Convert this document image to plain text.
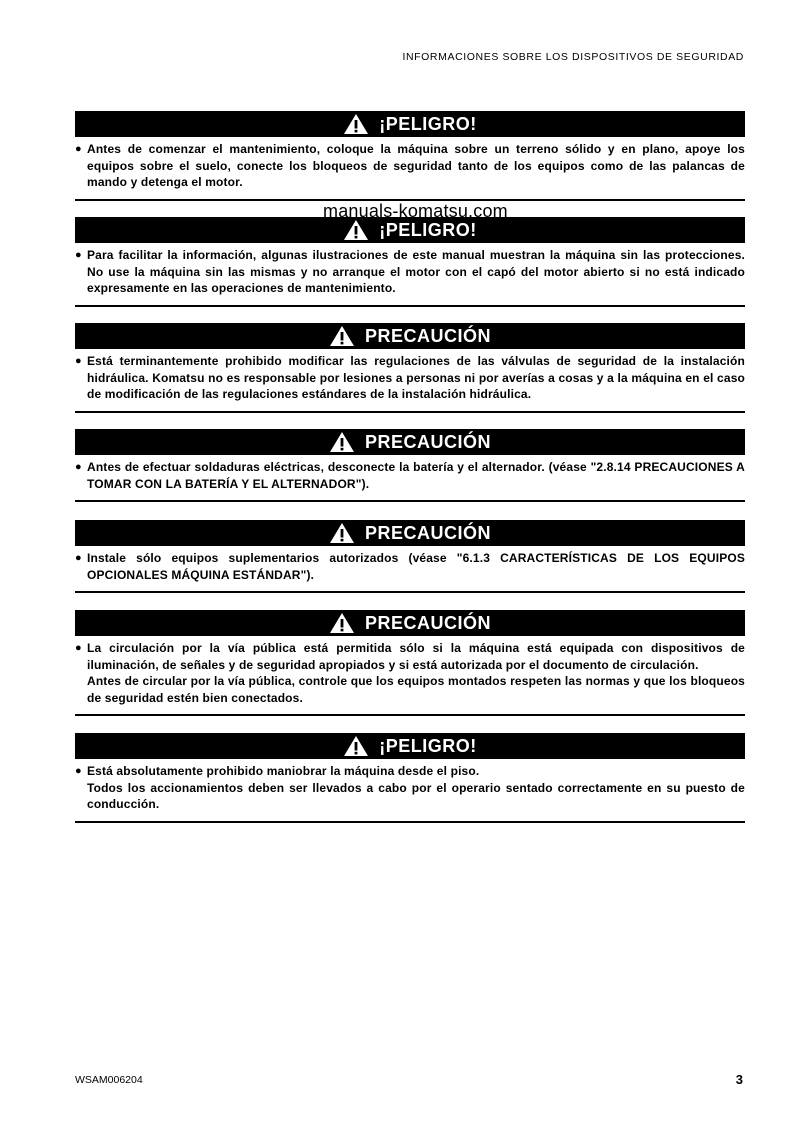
INFORMACIONES SOBRE LOS DISPOSITIVOS DE SEGURIDAD
manuals-komatsu.com
¡PELIGRO!
● Antes de comenzar el mantenimiento, coloque la máquina sobre un terreno sólido y en plano, apoye los equipos sobre el suelo, conecte los bloqueos de seguridad tanto de los equipos como de las palancas de mando y detenga el motor.
¡PELIGRO!
● Para facilitar la información, algunas ilustraciones de este manual muestran la máquina sin las protecciones. No use la máquina sin las mismas y no arranque el motor con el capó del motor abierto si no está indicado expresamente en las operaciones de mantenimiento.
PRECAUCIÓN
● Está terminantemente prohibido modificar las regulaciones de las válvulas de seguridad de la instalación hidráulica. Komatsu no es responsable por lesiones a personas ni por averías a cosas y a la máquina en el caso de modificación de las regulaciones estándares de la instalación hidráulica.
PRECAUCIÓN
● Antes de efectuar soldaduras eléctricas, desconecte la batería y el alternador. (véase "2.8.14 PRECAUCIONES A TOMAR CON LA BATERÍA Y EL ALTERNADOR").
PRECAUCIÓN
● Instale sólo equipos suplementarios autorizados (véase "6.1.3 CARACTERÍSTICAS DE LOS EQUIPOS OPCIONALES MÁQUINA ESTÁNDAR").
PRECAUCIÓN
● La circulación por la vía pública está permitida sólo si la máquina está equipada con dispositivos de iluminación, de señales y de seguridad apropiados y si está autorizada por el documento de circulación.
Antes de circular por la vía pública, controle que los equipos montados respeten las normas y que los bloqueos de seguridad estén bien conectados.
¡PELIGRO!
● Está absolutamente prohibido maniobrar la máquina desde el piso.
Todos los accionamientos deben ser llevados a cabo por el operario sentado correctamente en su puesto de conducción.
WSAM006204	3
